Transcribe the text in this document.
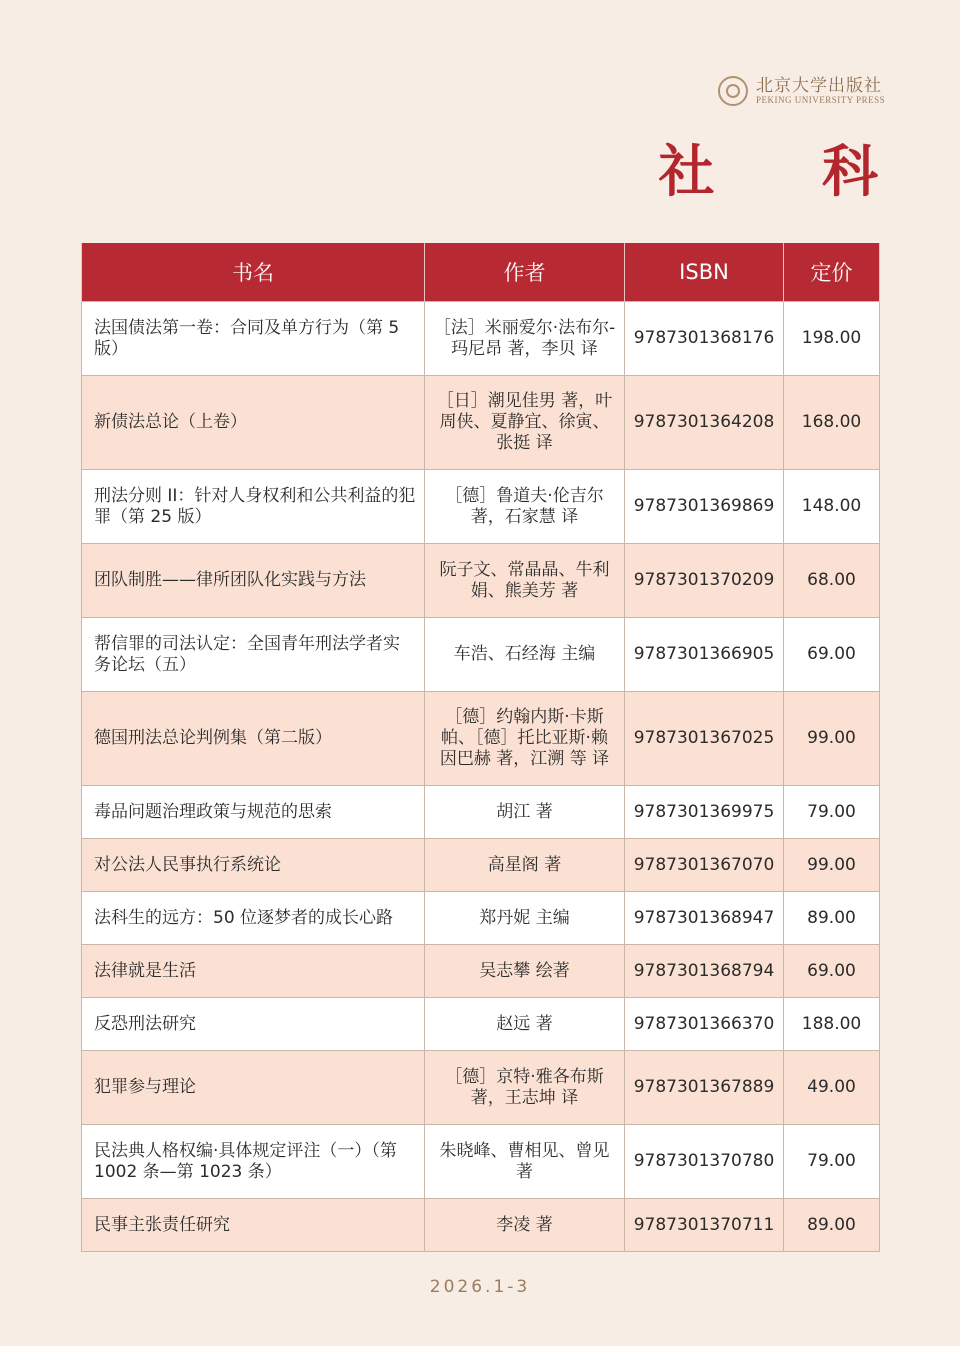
北京大学出版社
PEKING UNIVERSITY PRESS
社 科
书名	作者	ISBN	定价
法国债法第一卷：合同及单方行为（第 5 版）	［法］米丽爱尔·法布尔-玛尼昂 著，李贝 译	9787301368176	198.00
新债法总论（上卷）	［日］潮见佳男 著，叶周侠、夏静宜、徐寅、张挺 译	9787301364208	168.00
刑法分则 II：针对人身权利和公共利益的犯罪（第 25 版）	［德］鲁道夫·伦吉尔 著，石家慧 译	9787301369869	148.00
团队制胜——律所团队化实践与方法	阮子文、常晶晶、牛利娟、熊美芳 著	9787301370209	68.00
帮信罪的司法认定：全国青年刑法学者实务论坛（五）	车浩、石经海 主编	9787301366905	69.00
德国刑法总论判例集（第二版）	［德］约翰内斯·卡斯帕、［德］托比亚斯·赖因巴赫 著，江溯 等 译	9787301367025	99.00
毒品问题治理政策与规范的思索	胡江 著	9787301369975	79.00
对公法人民事执行系统论	高星阁 著	9787301367070	99.00
法科生的远方：50 位逐梦者的成长心路	郑丹妮 主编	9787301368947	89.00
法律就是生活	吴志攀 绘著	9787301368794	69.00
反恐刑法研究	赵远 著	9787301366370	188.00
犯罪参与理论	［德］京特·雅各布斯 著，王志坤 译	9787301367889	49.00
民法典人格权编·具体规定评注（一）（第 1002 条—第 1023 条）	朱晓峰、曹相见、曾见 著	9787301370780	79.00
民事主张责任研究	李凌 著	9787301370711	89.00
2026.1-3
